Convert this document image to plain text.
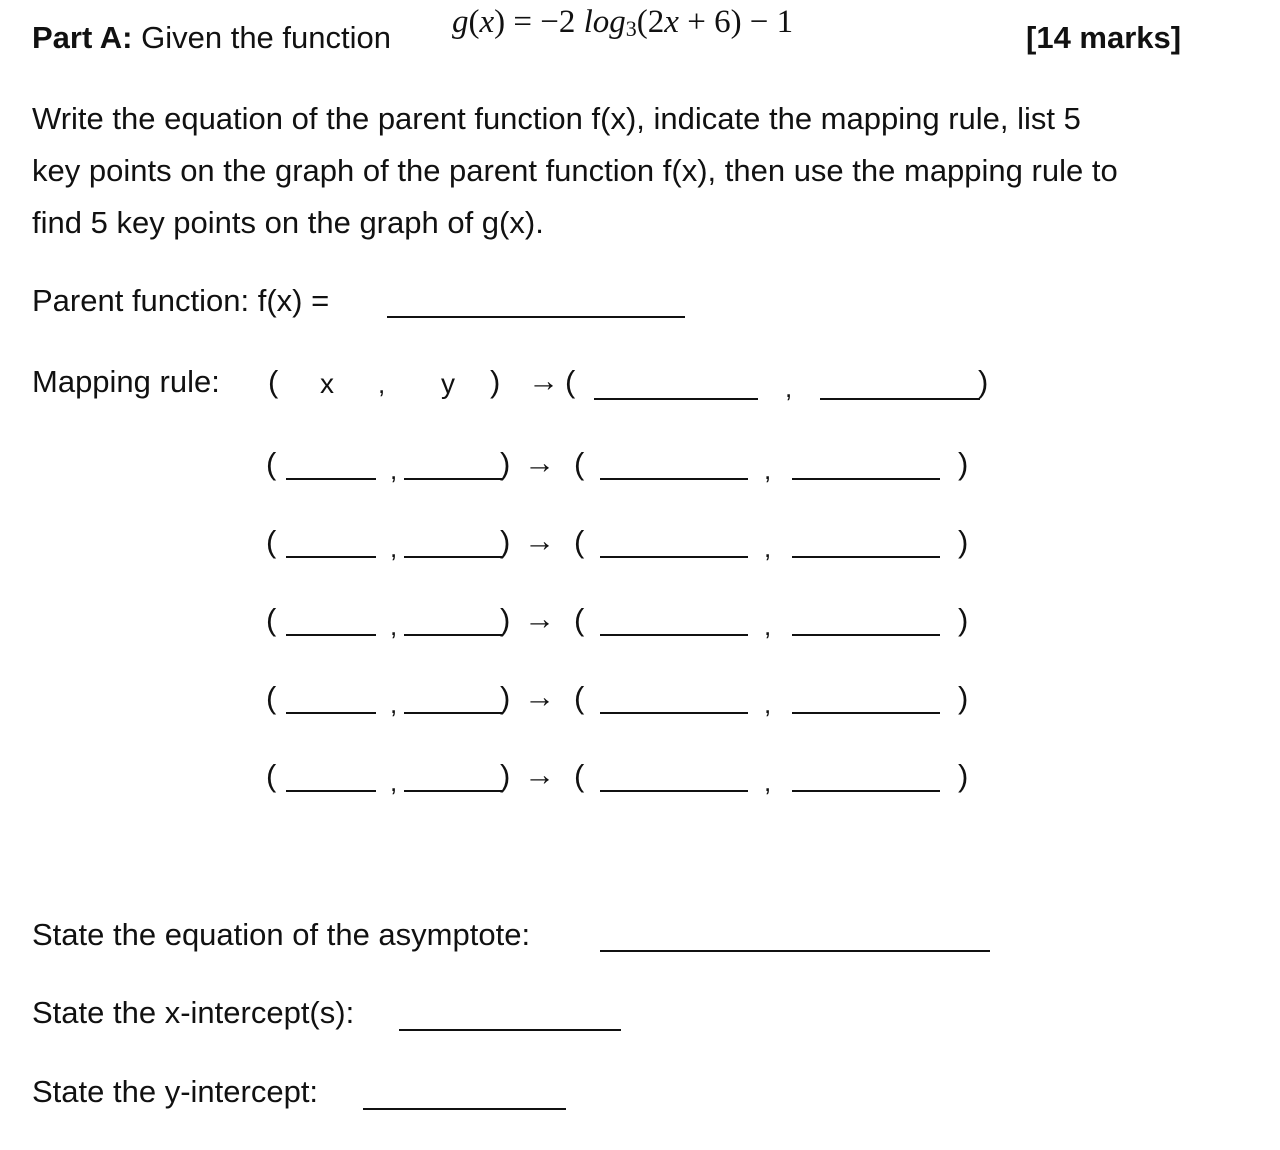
Part A: Given the function g(x) = −2 $\log_3(2x + 6) - 1$	[14 marks]
Write the equation of the parent function f(x), indicate the mapping rule, list 5
key points on the graph of the parent function f(x), then use the mapping rule to
find 5 key points on the graph of g(x).
Parent function: f(x) =
Mapping rule: ( x , y ) → (	,	)
(	,	) → (	,	)
(	,	) → (	,	)
(	,	) → (	,	)
(	,	) → (	,	)
(	,	) → (	,	)
State the equation of the asymptote:
State the x-intercept(s):
State the y-intercept:
